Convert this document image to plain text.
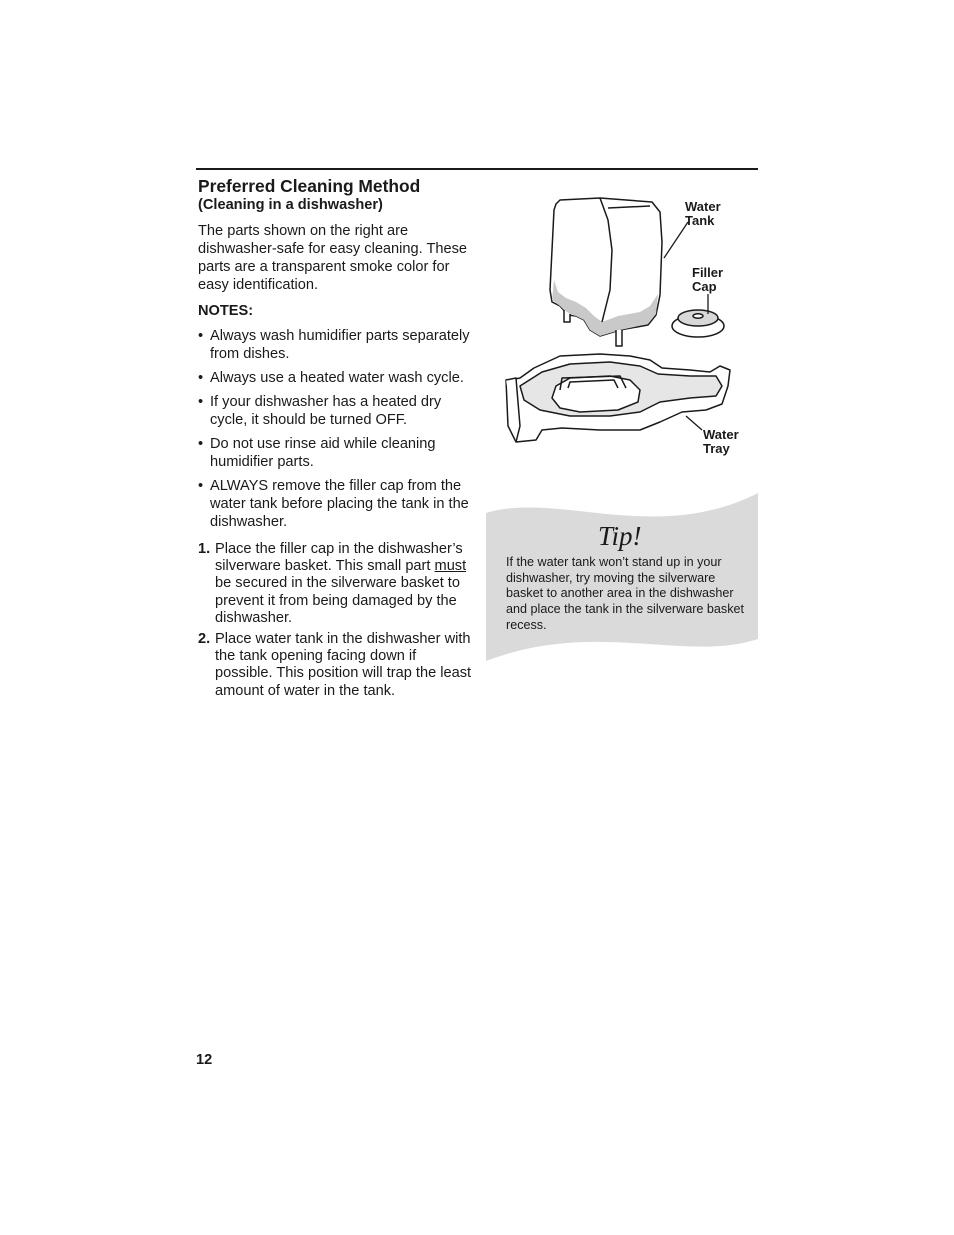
Preferred Cleaning Method

(Cleaning in a dishwasher)

The parts shown on the right are dishwasher-safe for easy cleaning. These parts are a transparent smoke color for easy identification.

NOTES:

• Always wash humidifier parts separately from dishes.
• Always use a heated water wash cycle.
• If your dishwasher has a heated dry cycle, it should be turned OFF.
• Do not use rinse aid while cleaning humidifier parts.
• ALWAYS remove the filler cap from the water tank before placing the tank in the dishwasher.
1. Place the filler cap in the dishwasher’s silverware basket. This small part must be secured in the silverware basket to prevent it from being damaged by the dishwasher.
2. Place water tank in the dishwasher with the tank opening facing down if possible. This position will trap the least amount of water in the tank.
Water
Tank
Filler
Cap
Water
Tray
Tip!
If the water tank won’t stand up in your dishwasher, try moving the silverware basket to another area in the dishwasher and place the tank in the silverware basket recess.
12
